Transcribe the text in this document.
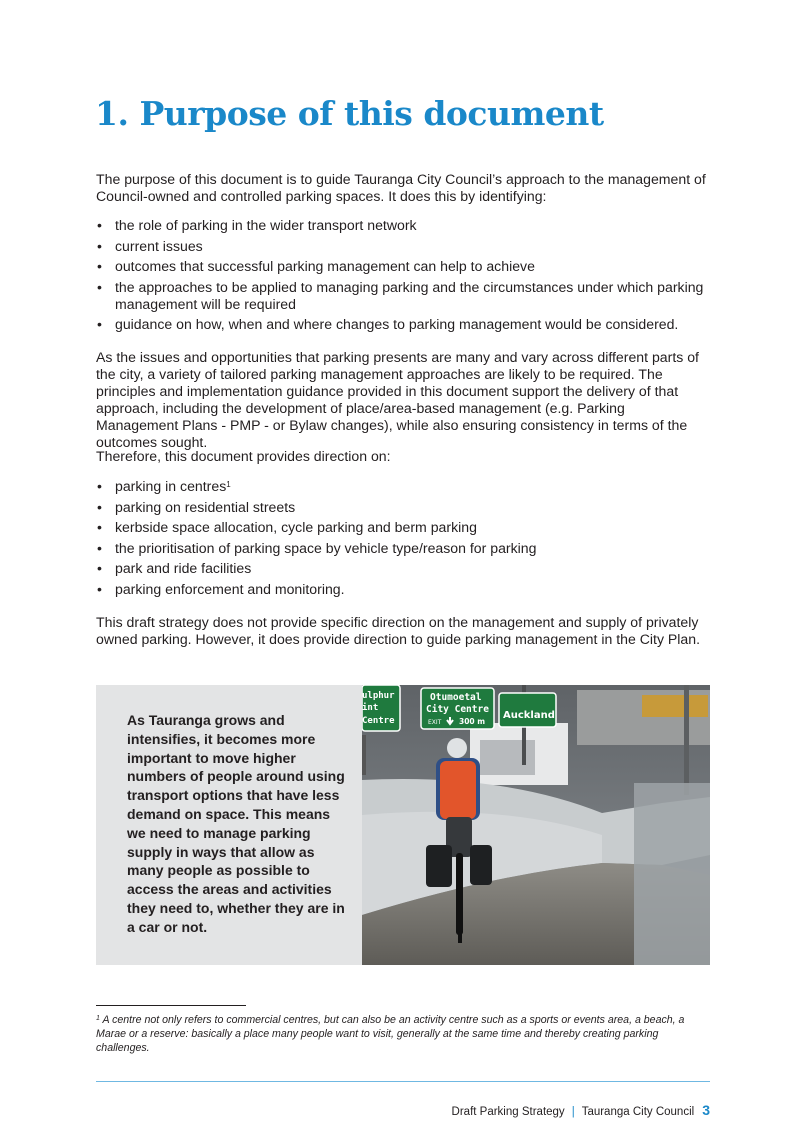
1. Purpose of this document

The purpose of this document is to guide Tauranga City Council’s approach to the management of Council-owned and controlled parking spaces. It does this by identifying:

• the role of parking in the wider transport network
• current issues
• outcomes that successful parking management can help to achieve
• the approaches to be applied to managing parking and the circumstances under which parking management will be required
• guidance on how, when and where changes to parking management would be considered.

As the issues and opportunities that parking presents are many and vary across different parts of the city, a variety of tailored parking management approaches are likely to be required. The principles and implementation guidance provided in this document support the delivery of that approach, including the development of place/area-based management (e.g. Parking Management Plans - PMP - or Bylaw changes), while also ensuring consistency in terms of the outcomes sought.

Therefore, this document provides direction on:

• parking in centres$^1$
• parking on residential streets
• kerbside space allocation, cycle parking and berm parking
• the prioritisation of parking space by vehicle type/reason for parking
• park and ride facilities
• parking enforcement and monitoring.

This draft strategy does not provide specific direction on the management and supply of privately owned parking. However, it does provide direction to guide parking management in the City Plan.

As Tauranga grows and intensifies, it becomes more important to move higher numbers of people around using transport options that have less demand on space. This means we need to manage parking supply in ways that allow as many people as possible to access the areas and activities they need to, whether they are in a car or not.

ulphur
int
Centre
Otumoetal
City Centre
EXIT 300 m
Auckland

$^1$ A centre not only refers to commercial centres, but can also be an activity centre such as a sports or events area, a beach, a Marae or a reserve: basically a place many people want to visit, generally at the same time and thereby creating parking challenges.

Draft Parking Strategy | Tauranga City Council 3
